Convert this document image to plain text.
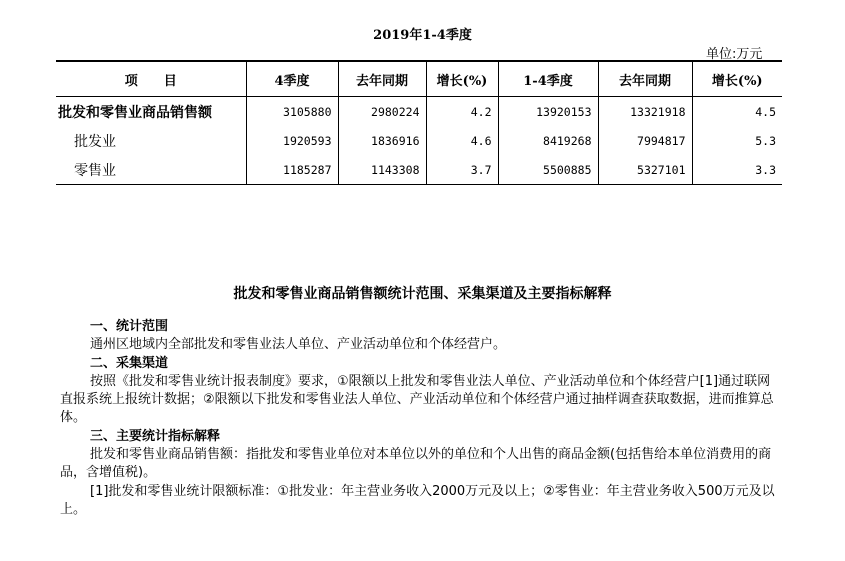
2019年1-4季度
单位:万元
项　　目	4季度	去年同期	增长(%)	1-4季度	去年同期	增长(%)
批发和零售业商品销售额	3105880	2980224	4.2	13920153	13321918	4.5
批发业	1920593	1836916	4.6	8419268	7994817	5.3
零售业	1185287	1143308	3.7	5500885	5327101	3.3
批发和零售业商品销售额统计范围、采集渠道及主要指标解释

一、统计范围

通州区地域内全部批发和零售业法人单位、产业活动单位和个体经营户。

二、采集渠道

按照《批发和零售业统计报表制度》要求，①限额以上批发和零售业法人单位、产业活动单位和个体经营户[1]通过联网直报系统上报统计数据；②限额以下批发和零售业法人单位、产业活动单位和个体经营户通过抽样调查获取数据，进而推算总体。

三、主要统计指标解释

批发和零售业商品销售额：指批发和零售业单位对本单位以外的单位和个人出售的商品金额(包括售给本单位消费用的商品，含增值税)。

[1]批发和零售业统计限额标准：①批发业：年主营业务收入2000万元及以上；②零售业：年主营业务收入500万元及以上。
